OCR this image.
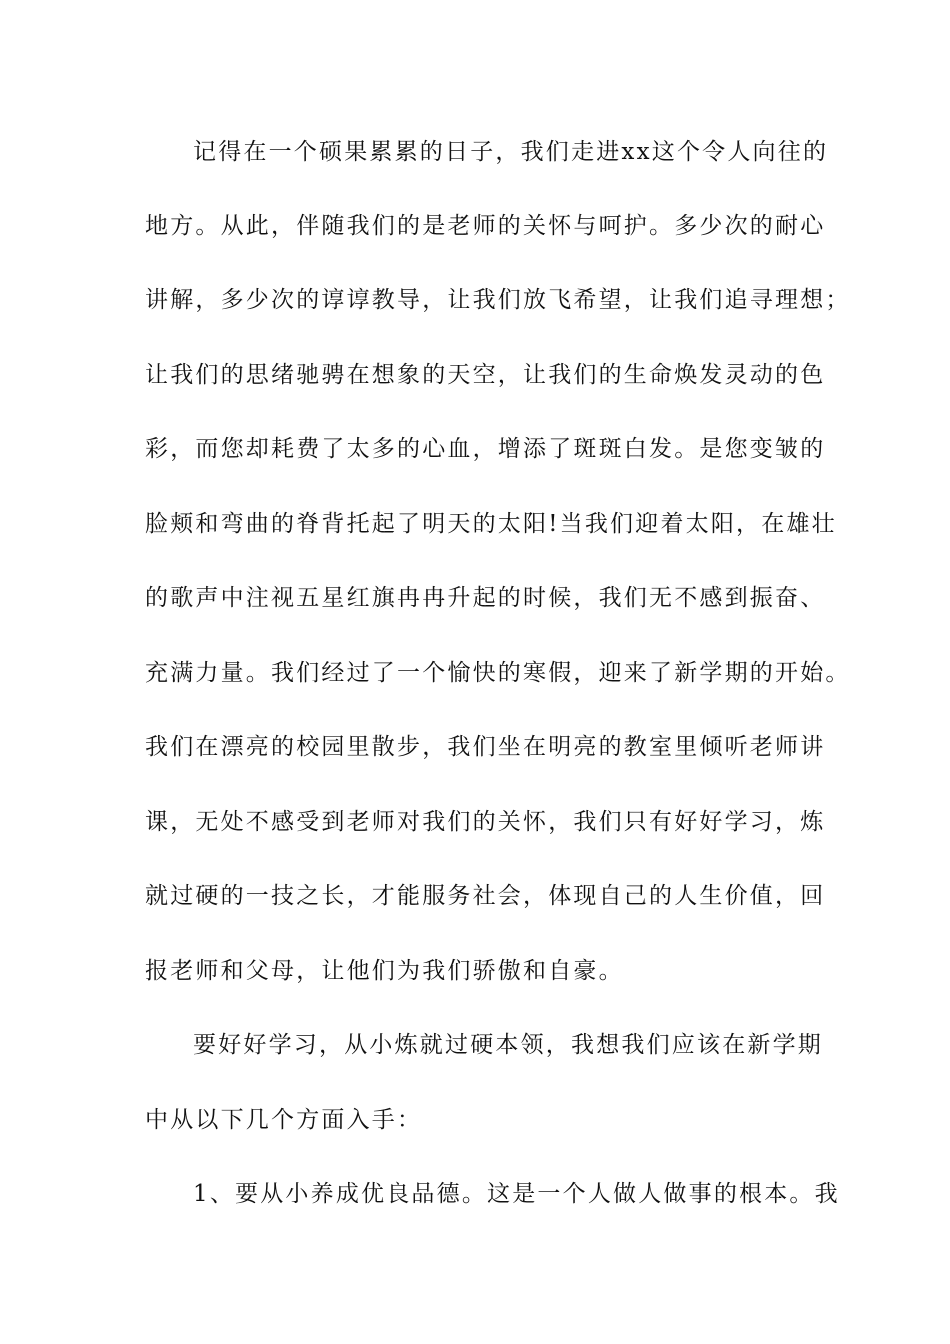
记得在一个硕果累累的日子，我们走进xx这个令人向往的

地方。从此，伴随我们的是老师的关怀与呵护。多少次的耐心

讲解，多少次的谆谆教导，让我们放飞希望，让我们追寻理想；

让我们的思绪驰骋在想象的天空，让我们的生命焕发灵动的色

彩，而您却耗费了太多的心血，增添了斑斑白发。是您变皱的

脸颊和弯曲的脊背托起了明天的太阳!当我们迎着太阳，在雄壮

的歌声中注视五星红旗冉冉升起的时候，我们无不感到振奋、

充满力量。我们经过了一个愉快的寒假，迎来了新学期的开始。

我们在漂亮的校园里散步，我们坐在明亮的教室里倾听老师讲

课，无处不感受到老师对我们的关怀，我们只有好好学习，炼

就过硬的一技之长，才能服务社会，体现自己的人生价值，回

报老师和父母，让他们为我们骄傲和自豪。

要好好学习，从小炼就过硬本领，我想我们应该在新学期

中从以下几个方面入手：

1、要从小养成优良品德。这是一个人做人做事的根本。我
